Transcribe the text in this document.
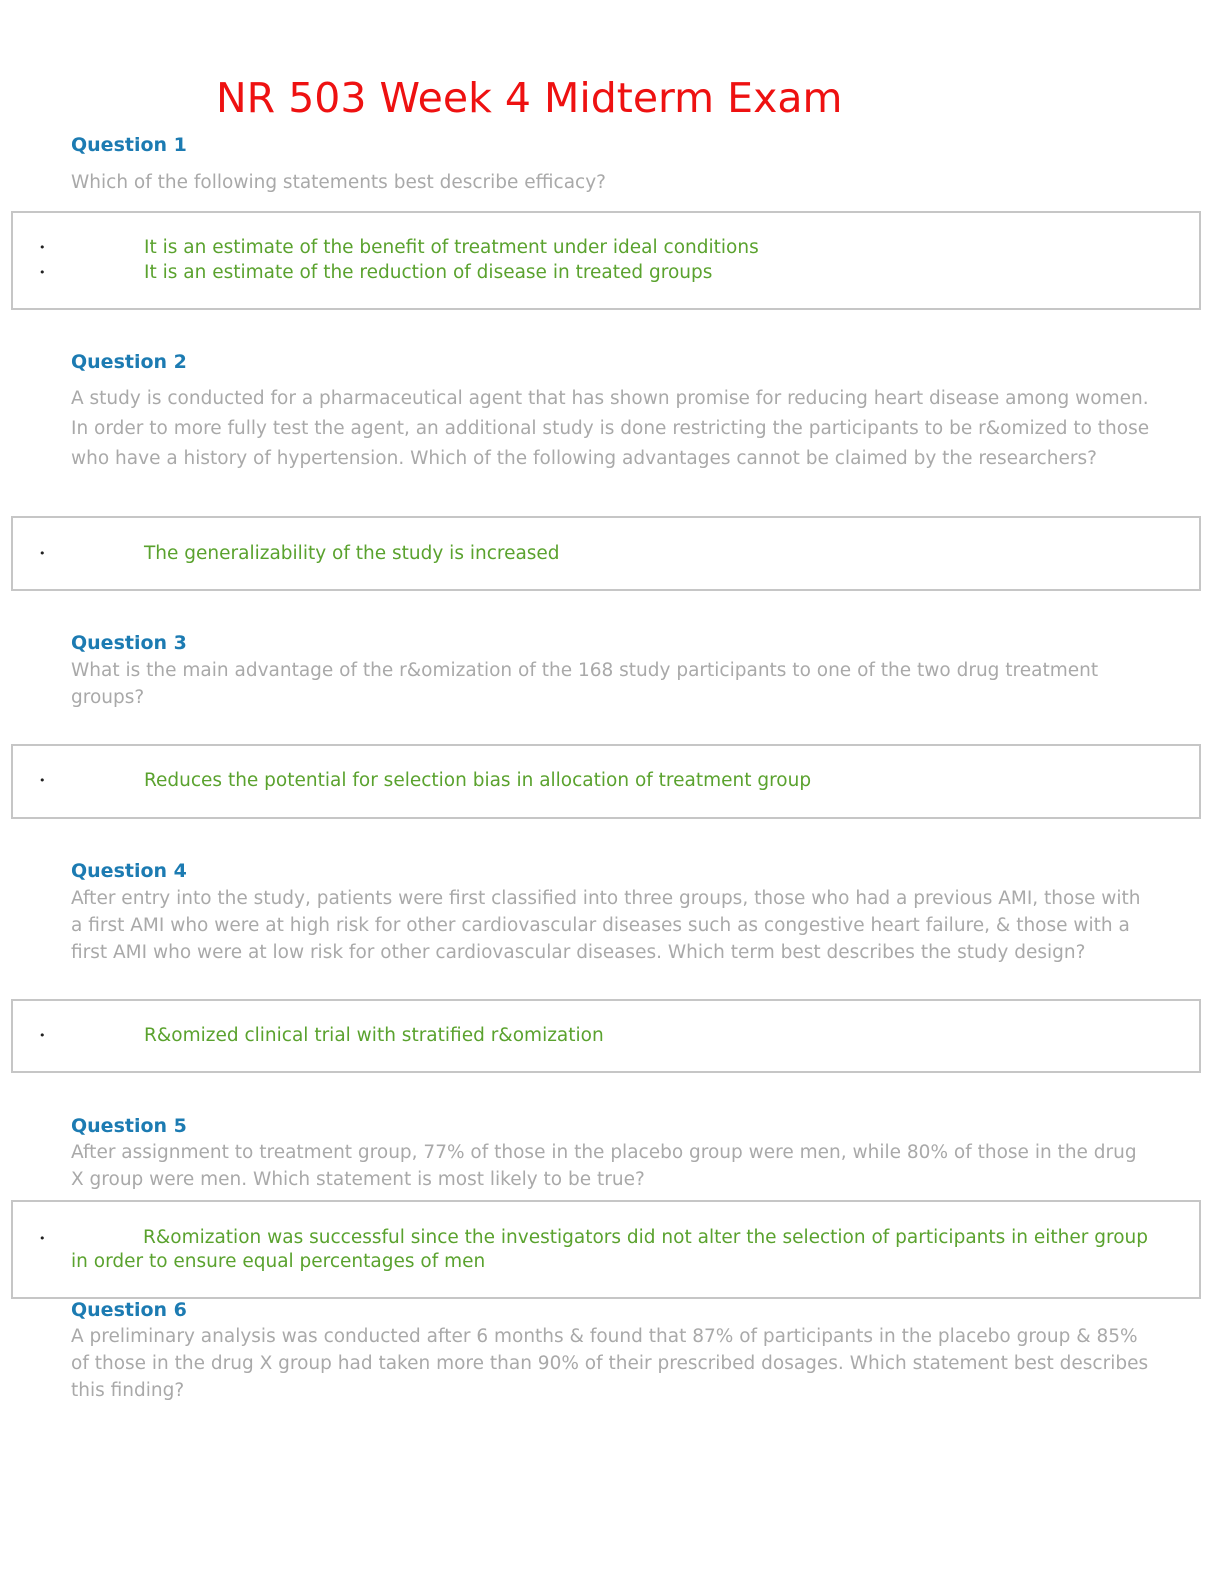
NR 503 Week 4 Midterm Exam
Question 1
Which of the following statements best describe efficacy?
•	It is an estimate of the benefit of treatment under ideal conditions
•	It is an estimate of the reduction of disease in treated groups
Question 2
A study is conducted for a pharmaceutical agent that has shown promise for reducing heart disease among women. In order to more fully test the agent, an additional study is done restricting the participants to be r&omized to those who have a history of hypertension. Which of the following advantages cannot be claimed by the researchers?
•	The generalizability of the study is increased
Question 3
What is the main advantage of the r&omization of the 168 study participants to one of the two drug treatment groups?
•	Reduces the potential for selection bias in allocation of treatment group
Question 4
After entry into the study, patients were first classified into three groups, those who had a previous AMI, those with a first AMI who were at high risk for other cardiovascular diseases such as congestive heart failure, & those with a first AMI who were at low risk for other cardiovascular diseases. Which term best describes the study design?
•	R&omized clinical trial with stratified r&omization
Question 5
After assignment to treatment group, 77% of those in the placebo group were men, while 80% of those in the drug X group were men. Which statement is most likely to be true?
•	R&omization was successful since the investigators did not alter the selection of participants in either group in order to ensure equal percentages of men
Question 6
A preliminary analysis was conducted after 6 months & found that 87% of participants in the placebo group & 85% of those in the drug X group had taken more than 90% of their prescribed dosages. Which statement best describes this finding?
